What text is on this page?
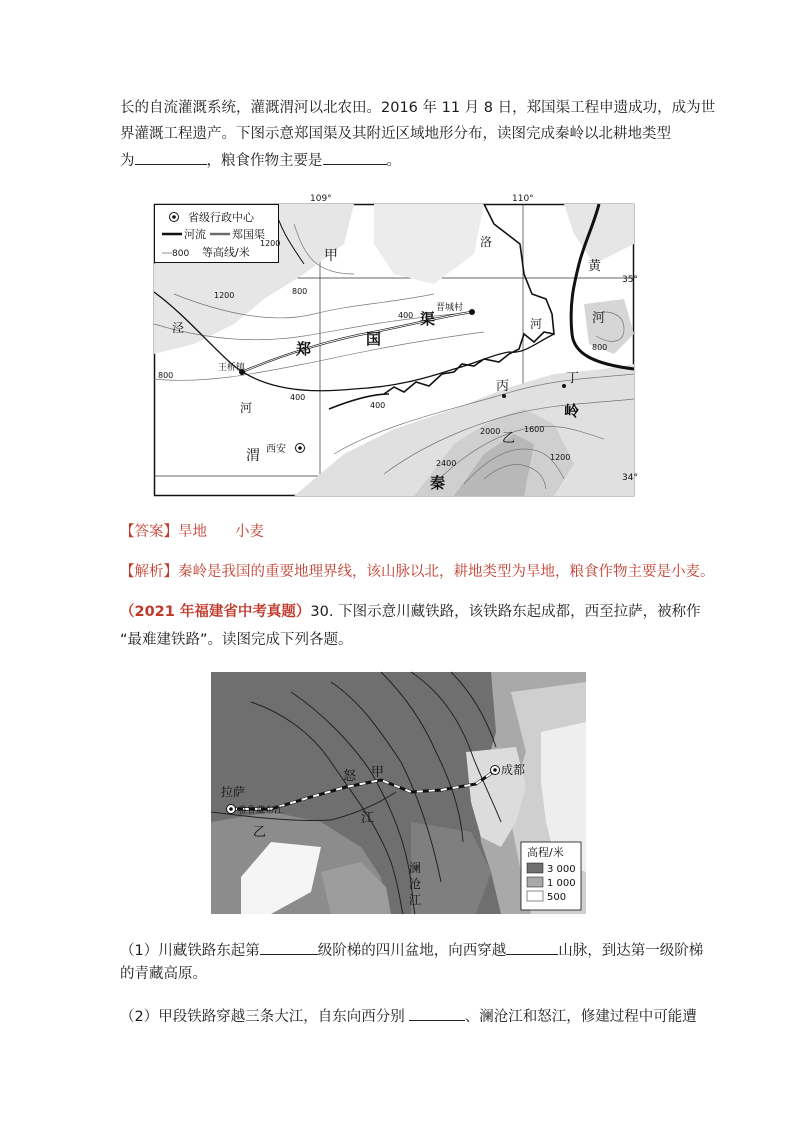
长的自流灌溉系统，灌溉渭河以北农田。2016 年 11 月 8 日，郑国渠工程申遗成功，成为世
界灌溉工程遗产。下图示意郑国渠及其附近区域地形分布，读图完成秦岭以北耕地类型
为	，粮食作物主要是	。
省级行政中心
河流 郑国渠
800 等高线/米
35°
34°
甲
郑
国
渠
洛
黄
河
河
泾
河
渭 西安
王桥镇
晋城村
丙
丁
乙
岭
秦
1200
1200
1200
800
800
800
400
400
400
1600
2000
2400
109°	110°
【答案】旱地 小麦
【解析】秦岭是我国的重要地理界线，该山脉以北，耕地类型为旱地，粮食作物主要是小麦。
（2021 年福建省中考真题）30. 下图示意川藏铁路，该铁路东起成都，西至拉萨，被称作
“最难建铁路”。读图完成下列各题。
拉萨
成都
雅鲁藏布江
甲
乙
怒
江
澜
沧
江
高程/米
3 000
1 000
500
（1）川藏铁路东起第	级阶梯的四川盆地，向西穿越	山脉，到达第一级阶梯
的青藏高原。
（2）甲段铁路穿越三条大江，自东向西分别	、澜沧江和怒江，修建过程中可能遭
